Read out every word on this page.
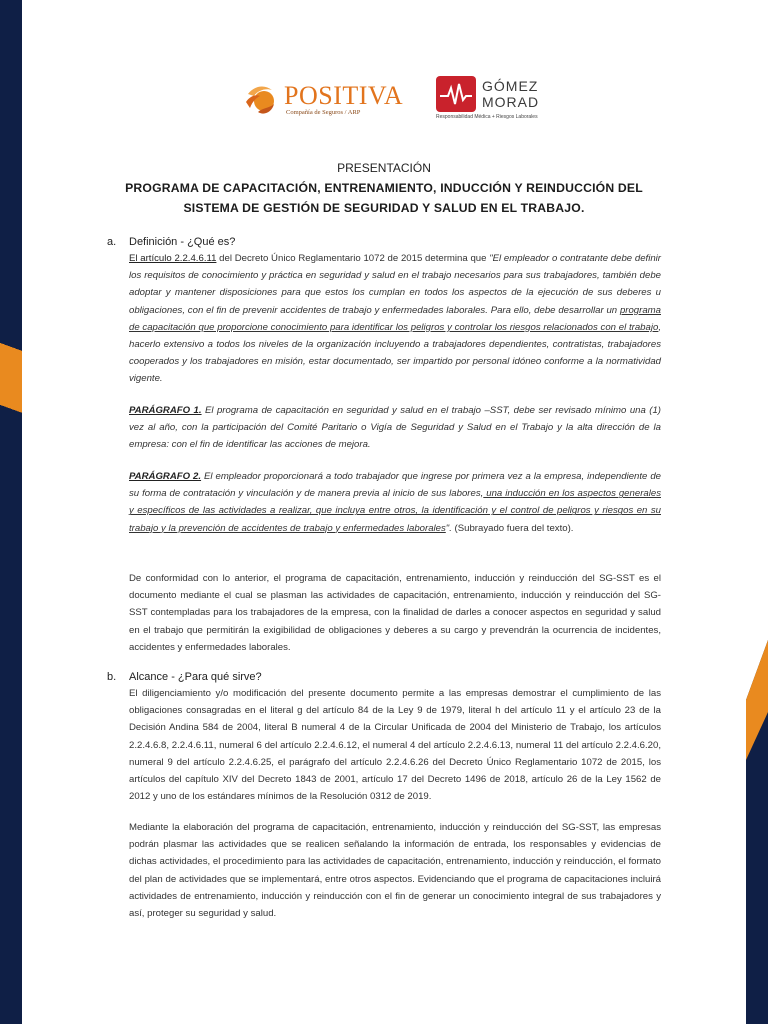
POSITIVA
Compañía de Seguros / ARP
GÓMEZ
MORAD
Responsabilidad Médica + Riesgos Laborales
PRESENTACIÓN
PROGRAMA DE CAPACITACIÓN, ENTRENAMIENTO, INDUCCIÓN Y REINDUCCIÓN DEL SISTEMA DE GESTIÓN DE SEGURIDAD Y SALUD EN EL TRABAJO.
a. Definición - ¿Qué es?
El artículo 2.2.4.6.11 del Decreto Único Reglamentario 1072 de 2015 determina que "El empleador o contratante debe definir los requisitos de conocimiento y práctica en seguridad y salud en el trabajo necesarios para sus trabajadores, también debe adoptar y mantener disposiciones para que estos los cumplan en todos los aspectos de la ejecución de sus deberes u obligaciones, con el fin de prevenir accidentes de trabajo y enfermedades laborales. Para ello, debe desarrollar un programa de capacitación que proporcione conocimiento para identificar los peligros y controlar los riesgos relacionados con el trabajo, hacerlo extensivo a todos los niveles de la organización incluyendo a trabajadores dependientes, contratistas, trabajadores cooperados y los trabajadores en misión, estar documentado, ser impartido por personal idóneo conforme a la normatividad vigente.
PARÁGRAFO 1. El programa de capacitación en seguridad y salud en el trabajo –SST, debe ser revisado mínimo una (1) vez al año, con la participación del Comité Paritario o Vigía de Seguridad y Salud en el Trabajo y la alta dirección de la empresa: con el fin de identificar las acciones de mejora.
PARÁGRAFO 2. El empleador proporcionará a todo trabajador que ingrese por primera vez a la empresa, independiente de su forma de contratación y vinculación y de manera previa al inicio de sus labores, una inducción en los aspectos generales y específicos de las actividades a realizar, que incluya entre otros, la identificación y el control de peligros y riesgos en su trabajo y la prevención de accidentes de trabajo y enfermedades laborales". (Subrayado fuera del texto).
De conformidad con lo anterior, el programa de capacitación, entrenamiento, inducción y reinducción del SG-SST es el documento mediante el cual se plasman las actividades de capacitación, entrenamiento, inducción y reinducción del SG-SST contempladas para los trabajadores de la empresa, con la finalidad de darles a conocer aspectos en seguridad y salud en el trabajo que permitirán la exigibilidad de obligaciones y deberes a su cargo y prevendrán la ocurrencia de incidentes, accidentes y enfermedades laborales.
b. Alcance - ¿Para qué sirve?
El diligenciamiento y/o modificación del presente documento permite a las empresas demostrar el cumplimiento de las obligaciones consagradas en el literal g del artículo 84 de la Ley 9 de 1979, literal h del artículo 11 y el artículo 23 de la Decisión Andina 584 de 2004, literal B numeral 4 de la Circular Unificada de 2004 del Ministerio de Trabajo, los artículos 2.2.4.6.8, 2.2.4.6.11, numeral 6 del artículo 2.2.4.6.12, el numeral 4 del artículo 2.2.4.6.13, numeral 11 del artículo 2.2.4.6.20, numeral 9 del artículo 2.2.4.6.25, el parágrafo del artículo 2.2.4.6.26 del Decreto Único Reglamentario 1072 de 2015, los artículos del capítulo XIV del Decreto 1843 de 2001, artículo 17 del Decreto 1496 de 2018, artículo 26 de la Ley 1562 de 2012 y uno de los estándares mínimos de la Resolución 0312 de 2019.
Mediante la elaboración del programa de capacitación, entrenamiento, inducción y reinducción del SG-SST, las empresas podrán plasmar las actividades que se realicen señalando la información de entrada, los responsables y evidencias de dichas actividades, el procedimiento para las actividades de capacitación, entrenamiento, inducción y reinducción, el formato del plan de actividades que se implementará, entre otros aspectos. Evidenciando que el programa de capacitaciones incluirá actividades de entrenamiento, inducción y reinducción con el fin de generar un conocimiento integral de sus trabajadores y así, proteger su seguridad y salud.
